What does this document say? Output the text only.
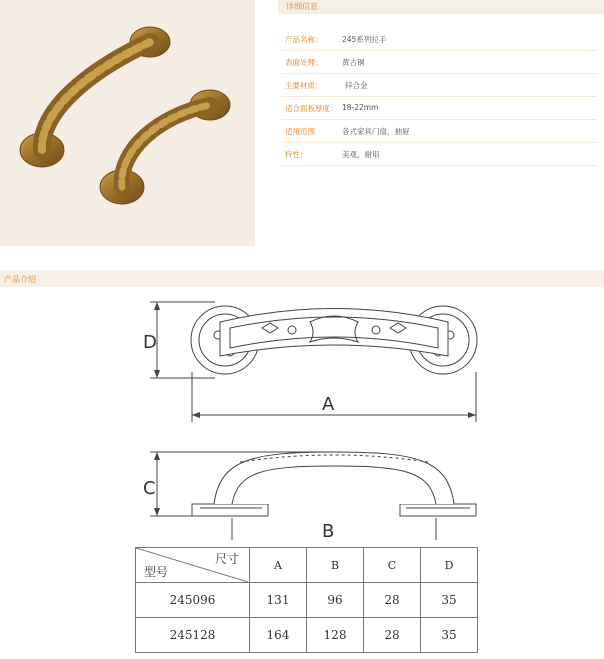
详细信息
产品名称：	245系列拉手
表面处理：	黄古铜
主要材质：	锌合金
适合面板厚度： 18-22mm
适用范围	各式家具门扇，抽屉
特性：	美观，耐用
产品介绍
D
A
C
B
尺寸
型号	A	B	C	D
245096	131	96	28	35
245128	164	128	28	35
